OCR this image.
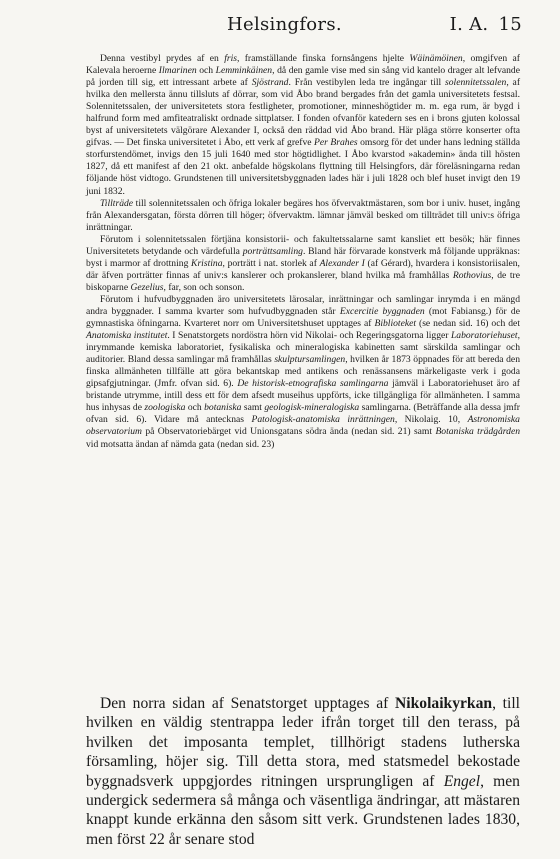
Helsingfors.	I. A. 15

Denna vestibyl prydes af en fris, framställande finska fornsångens hjelte Wäinämöinen, omgifven af Kalevala heroerne Ilmarinen och Lemminkäinen, då den gamle vise med sin sång vid kantelo drager alt lefvande på jorden till sig, ett intressant arbete af Sjöstrand. Från vestibylen leda tre ingångar till solennitetssalen, af hvilka den mellersta ännu tillsluts af dörrar, som vid Åbo brand bergades från det gamla universitetets festsal. Solennitetssalen, der universitetets stora festligheter, promotioner, minneshögtider m. m. ega rum, är bygd i halfrund form med amfiteatraliskt ordnade sittplatser. I fonden ofvanför katedern ses en i brons gjuten kolossal byst af universitetets välgörare Alexander I, också den räddad vid Åbo brand. Här pläga större konserter ofta gifvas. — Det finska universitetet i Åbo, ett verk af grefve Per Brahes omsorg för det under hans ledning ställda storfurstendömet, invigs den 15 juli 1640 med stor högtidlighet. I Åbo kvarstod »akademin» ända till hösten 1827, då ett manifest af den 21 okt. anbefalde högskolans flyttning till Helsingfors, där föreläsningarna redan följande höst vidtogo. Grundstenen till universitetsbyggnaden lades här i juli 1828 och blef huset invigt den 19 juni 1832.

Tillträde till solennitetssalen och öfriga lokaler begäres hos öfvervaktmästaren, som bor i univ. huset, ingång från Alexandersgatan, första dörren till höger; öfvervaktm. lämnar jämväl besked om tillträdet till univ:s öfriga inrättningar.

Förutom i solennitetssalen förtjäna konsistorii- och fakultetssalarne samt kansliet ett besök; här finnes Universitetets betydande och värdefulla porträttsamling. Bland här förvarade konstverk må följande uppräknas: byst i marmor af drottning Kristina, porträtt i nat. storlek af Alexander I (af Gérard), hvardera i konsistoriisalen, där äfven porträtter finnas af univ:s kanslerer och prokanslerer, bland hvilka må framhållas Rothovius, de tre biskoparne Gezelius, far, son och sonson.

Förutom i hufvudbyggnaden äro universitetets lärosalar, inrättningar och samlingar inrymda i en mängd andra byggnader. I samma kvarter som hufvudbyggnaden står Excercitie byggnaden (mot Fabiansg.) för de gymnastiska öfningarna. Kvarteret norr om Universitetshuset upptages af Biblioteket (se nedan sid. 16) och det Anatomiska institutet. I Senatstorgets nordöstra hörn vid Nikolai- och Regeringsgatorna ligger Laboratoriehuset, inrymmande kemiska laboratoriet, fysikaliska och mineralogiska kabinetten samt särskilda samlingar och auditorier. Bland dessa samlingar må framhållas skulptursamlingen, hvilken år 1873 öppnades för att bereda den finska allmänheten tillfälle att göra bekantskap med antikens och renässansens märkeligaste verk i goda gipsafgjutningar. (Jmfr. ofvan sid. 6). De historisk-etnografiska samlingarna jämväl i Laboratoriehuset äro af bristande utrymme, intill dess ett för dem afsedt museihus uppförts, icke tillgängliga för allmänheten. I samma hus inhysas de zoologiska och botaniska samt geologisk-mineralogiska samlingarna. (Beträffande alla dessa jmfr ofvan sid. 6). Vidare må antecknas Patologisk-anatomiska inrättningen, Nikolaig. 10, Astronomiska observatorium på Observatoriebärget vid Unionsgatans södra ända (nedan sid. 21) samt Botaniska trädgården vid motsatta ändan af nämda gata (nedan sid. 23)

Den norra sidan af Senatstorget upptages af Nikolaikyrkan, till hvilken en väldig stentrappa leder ifrån torget till den terass, på hvilken det imposanta templet, tillhörigt stadens lutherska församling, höjer sig. Till detta stora, med statsmedel bekostade byggnadsverk uppgjordes ritningen ursprungligen af Engel, men undergick sedermera så många och väsentliga ändringar, att mästaren knappt kunde erkänna den såsom sitt verk. Grundstenen lades 1830, men först 22 år senare stod
